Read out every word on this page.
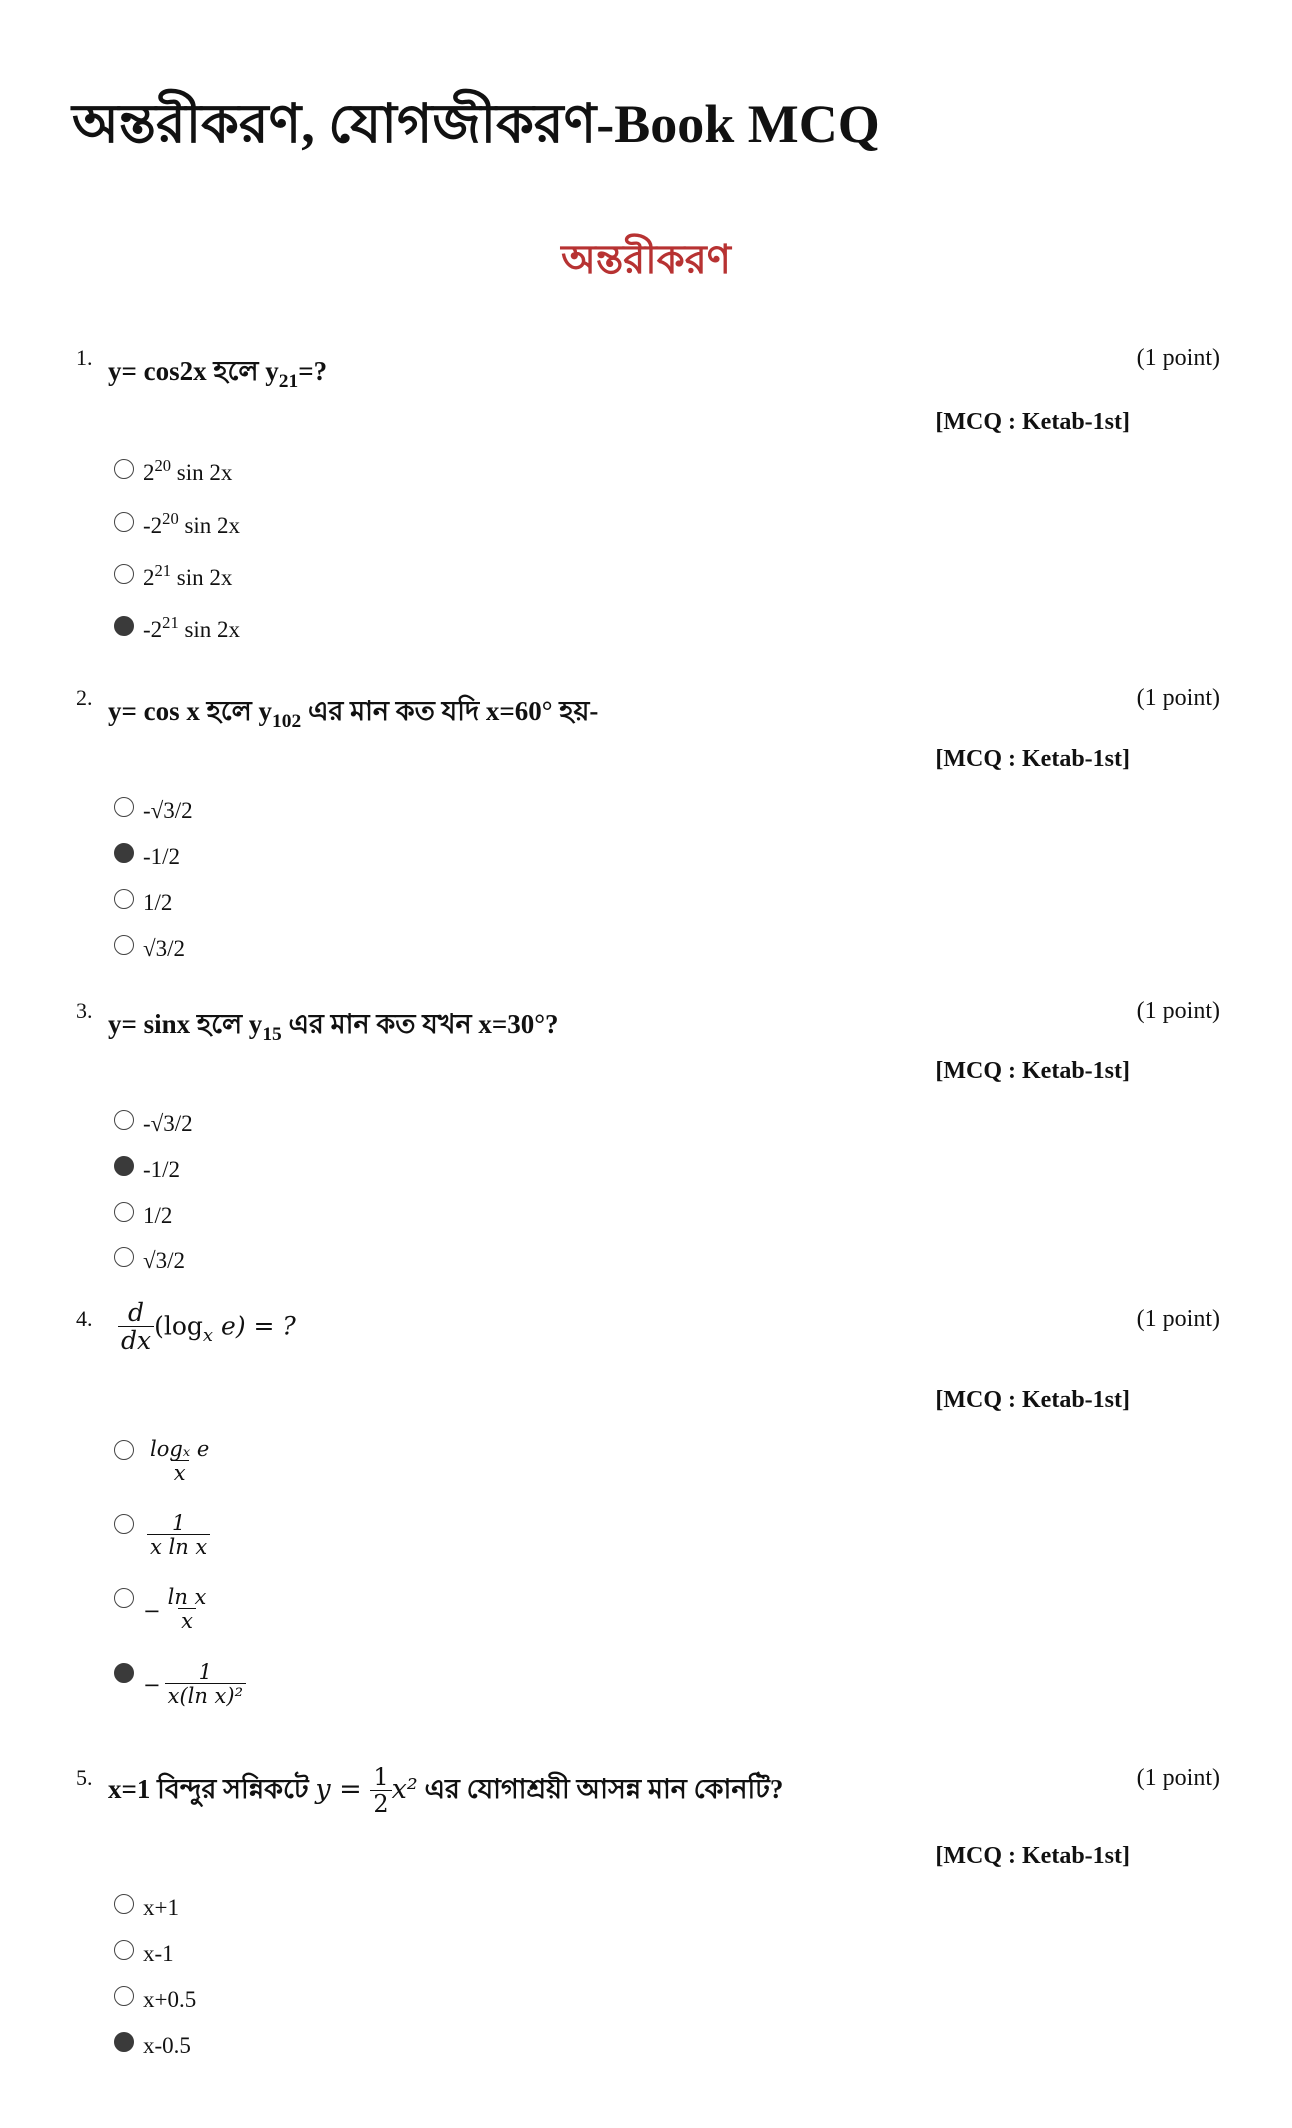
অন্তরীকরণ, যোগজীকরণ-Book MCQ
অন্তরীকরণ
1. y= cos2x হলে $y_{21}=$?	(1 point)
[MCQ : Ketab-1st]
$2^{20}$ sin 2x
$-2^{20}$ sin 2x
$2^{21}$ sin 2x
$-2^{21}$ sin 2x
2. y= cos x হলে $y_{102}$ এর মান কত যদি x=60° হয়-	(1 point)
[MCQ : Ketab-1st]
-√3/2
-1/2
1/2
√3/2
3. y= sinx হলে $y_{15}$ এর মান কত যখন x=30°?	(1 point)
[MCQ : Ketab-1st]
-√3/2
-1/2
1/2
√3/2
4. $\frac{d}{dx} (\log_x$ e) = ?	(1 point)
[MCQ : Ketab-1st]
$\frac{\text{logₓ e}}{x}$
$\frac{1}{\text{x ln x}}$
− $\frac{\text{ln x}}{x}$
− $\frac{1}{\text{x(ln x)²}}$
5. x=1 বিন্দুর সন্নিকটে $y = \frac{1}{2} x^2$ এর যোগাশ্রয়ী আসন্ন মান কোনটি?	(1 point)
[MCQ : Ketab-1st]
x+1
x-1
x+0.5
x-0.5
